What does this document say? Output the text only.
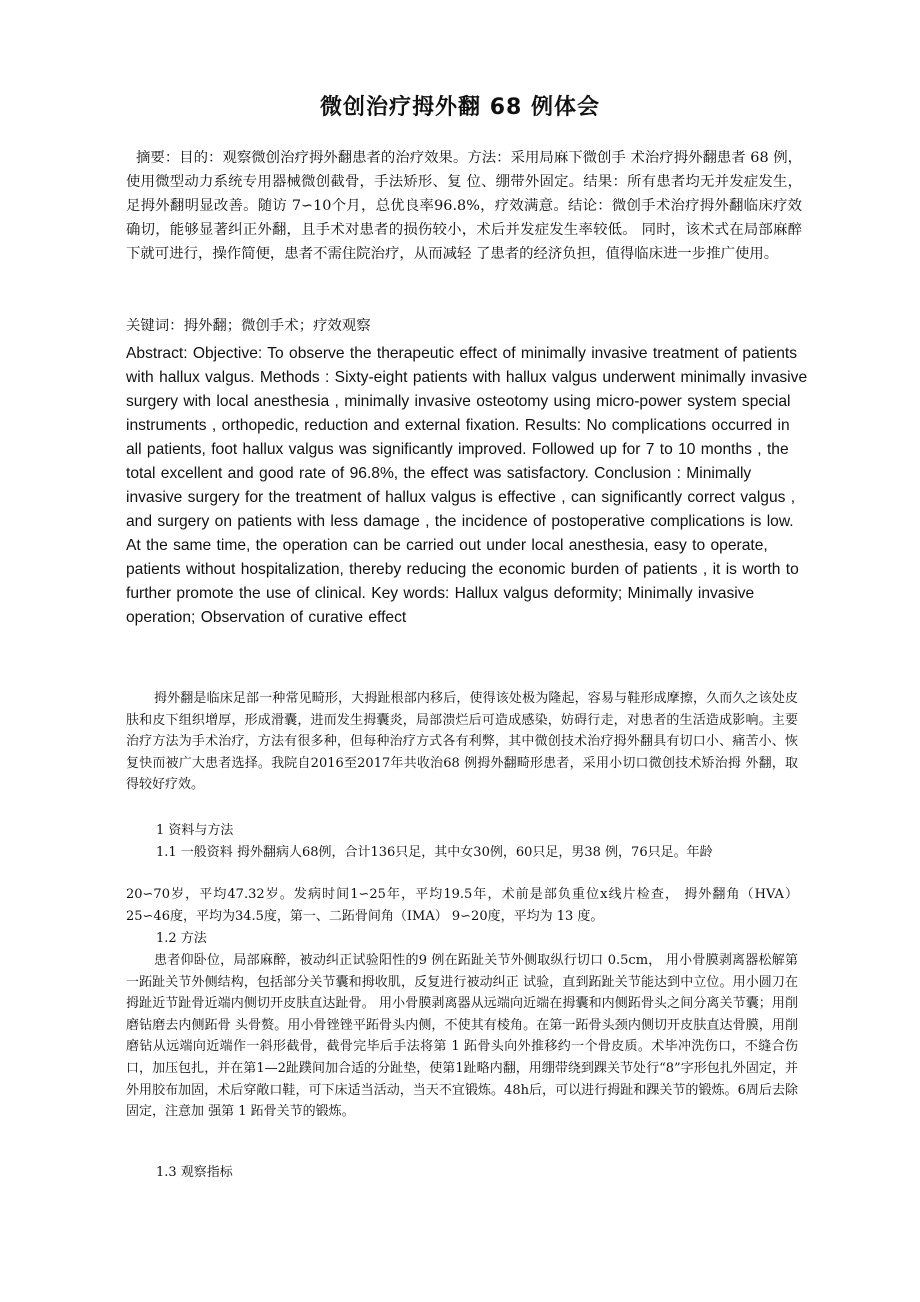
微创治疗拇外翻 68 例体会
摘要：目的：观察微创治疗拇外翻患者的治疗效果。方法：采用局麻下微创手 术治疗拇外翻患者 68 例，使用微型动力系统专用器械微创截骨，手法矫形、复 位、绷带外固定。结果：所有患者均无并发症发生，足拇外翻明显改善。随访 7∽10个月，总优良率96.8%，疗效满意。结论：微创手术治疗拇外翻临床疗效 确切，能够显著纠正外翻，且手术对患者的损伤较小，术后并发症发生率较低。 同时，该术式在局部麻醉下就可进行，操作简便，患者不需住院治疗，从而减轻 了患者的经济负担，值得临床进一步推广使用。
关键词：拇外翻；微创手术；疗效观察
Abstract: Objective: To observe the therapeutic effect of minimally invasive treatment of patients with hallux valgus. Methods : Sixty-eight patients with hallux valgus underwent minimally invasive surgery with local anesthesia , minimally invasive osteotomy using micro-power system special instruments , orthopedic, reduction and external fixation. Results: No complications occurred in all patients, foot hallux valgus was significantly improved. Followed up for 7 to 10 months , the total excellent and good rate of 96.8%, the effect was satisfactory. Conclusion : Minimally invasive surgery for the treatment of hallux valgus is effective , can significantly correct valgus , and surgery on patients with less damage , the incidence of postoperative complications is low. At the same time, the operation can be carried out under local anesthesia, easy to operate, patients without hospitalization, thereby reducing the economic burden of patients , it is worth to further promote the use of clinical. Key words: Hallux valgus deformity; Minimally invasive operation; Observation of curative effect
拇外翻是临床足部一种常见畸形，大拇趾根部内移后，使得该处极为隆起，容易与鞋形成摩擦，久而久之该处皮肤和皮下组织增厚，形成滑囊，进而发生拇囊炎，局部溃烂后可造成感染，妨碍行走，对患者的生活造成影响。主要治疗方法为手术治疗，方法有很多种，但每种治疗方式各有利弊，其中微创技术治疗拇外翻具有切口小、痛苦小、恢复快而被广大患者选择。我院自2016至2017年共收治68 例拇外翻畸形患者，采用小切口微创技术矫治拇 外翻，取得较好疗效。
1 资料与方法
1.1 一般资料 拇外翻病人68例，合计136只足，其中女30例，60只足，男38 例，76只足。年龄
20∽70岁，平均47.32岁。发病时间1∽25年，平均19.5年，术前是部负重位x线片检查， 拇外翻角（HVA） 25∽46度，平均为34.5度，第一、二跖骨间角（IMA） 9∽20度，平均为 13 度。
1.2 方法
患者仰卧位，局部麻醉，被动纠正试验阳性的9 例在跖趾关节外侧取纵行切口 0.5cm， 用小骨膜剥离器松解第一跖趾关节外侧结构，包括部分关节囊和拇收肌，反复进行被动纠正 试验，直到跖趾关节能达到中立位。用小圆刀在拇趾近节趾骨近端内侧切开皮肤直达趾骨。 用小骨膜剥离器从远端向近端在拇囊和内侧跖骨头之间分离关节囊；用削磨钻磨去内侧跖骨 头骨赘。用小骨锉锉平跖骨头内侧，不使其有棱角。在第一跖骨头颈内侧切开皮肤直达骨膜，用削磨钻从远端向近端作一斜形截骨，截骨完毕后手法将第 1 跖骨头向外推移约一个骨皮质。术毕冲洗伤口，不缝合伤口，加压包扎，并在第1—2趾蹼间加合适的分趾垫，使第1趾略内翻，用绷带绕到踝关节处行“8”字形包扎外固定，并外用胶布加固，术后穿敞口鞋，可下床适当活动，当天不宜锻炼。48h后，可以进行拇趾和踝关节的锻炼。6周后去除固定，注意加 强第 1 跖骨关节的锻炼。
1.3 观察指标
